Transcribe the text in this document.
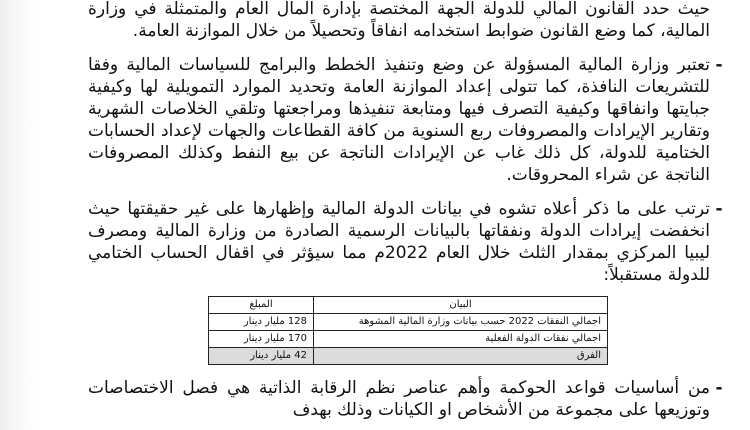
حيث حدد القانون المالي للدولة الجهة المختصة بإدارة المال العام والمتمثلة في وزارة المالية، كما وضع القانون ضوابط استخدامه انفاقاً وتحصيلاً من خلال الموازنة العامة.

-

تعتبر وزارة المالية المسؤولة عن وضع وتنفيذ الخطط والبرامج للسياسات المالية وفقا للتشريعات النافذة، كما تتولى إعداد الموازنة العامة وتحديد الموارد التمويلية لها وكيفية جبايتها وانفاقها وكيفية التصرف فيها ومتابعة تنفيذها ومراجعتها وتلقي الخلاصات الشهرية وتقارير الإيرادات والمصروفات ربع السنوية من كافة القطاعات والجهات لإعداد الحسابات الختامية للدولة، كل ذلك غاب عن الإيرادات الناتجة عن بيع النفط وكذلك المصروفات الناتجة عن شراء المحروقات.

-

ترتب على ما ذكر أعلاه تشوه في بيانات الدولة المالية وإظهارها على غير حقيقتها حيث انخفضت إيرادات الدولة ونفقاتها بالبيانات الرسمية الصادرة من وزارة المالية ومصرف ليبيا المركزي بمقدار الثلث خلال العام 2022م مما سيؤثر في اقفال الحساب الختامي للدولة مستقبلاً:

البيان	المبلغ
اجمالي النفقات 2022 حسب بيانات وزارة المالية المشوهة	128 مليار دينار
اجمالي نفقات الدولة الفعلية	170 مليار دينار
الفرق	42 مليار دينار
-

من أساسيات قواعد الحوكمة وأهم عناصر نظم الرقابة الذاتية هي فصل الاختصاصات وتوزيعها على مجموعة من الأشخاص او الكيانات وذلك بهدف
